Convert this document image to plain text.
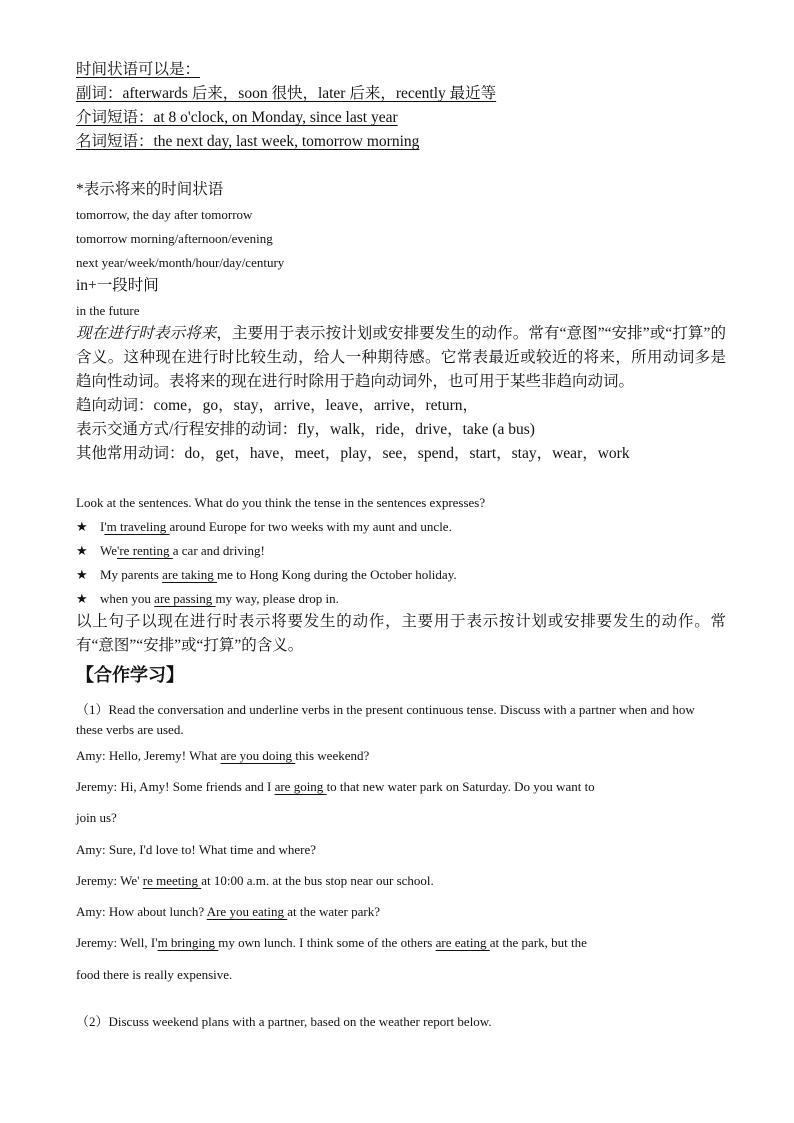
时间状语可以是：
副词：afterwards 后来，soon 很快，later 后来，recently 最近等
介词短语：at 8 o'clock, on Monday, since last year
名词短语：the next day, last week, tomorrow morning
*表示将来的时间状语
tomorrow, the day after tomorrow
tomorrow morning/afternoon/evening
next year/week/month/hour/day/century
in+一段时间
in the future
现在进行时表示将来，主要用于表示按计划或安排要发生的动作。常有“意图”“安排”或“打算”的含义。这种现在进行时比较生动，给人一种期待感。它常表最近或较近的将来，所用动词多是趋向性动词。表将来的现在进行时除用于趋向动词外，也可用于某些非趋向动词。
趋向动词：come，go，stay，arrive，leave，arrive，return，
表示交通方式/行程安排的动词：fly，walk，ride，drive，take (a bus)
其他常用动词：do，get，have，meet，play，see，spend，start，stay，wear，work
Look at the sentences. What do you think the tense in the sentences expresses?
★ I'm traveling around Europe for two weeks with my aunt and uncle.
★ We're renting a car and driving!
★ My parents are taking me to Hong Kong during the October holiday.
★ when you are passing my way, please drop in.
以上句子以现在进行时表示将要发生的动作，主要用于表示按计划或安排要发生的动作。常有“意图”“安排”或“打算”的含义。
【合作学习】
（1）Read the conversation and underline verbs in the present continuous tense. Discuss with a partner when and how these verbs are used.
Amy: Hello, Jeremy! What are you doing this weekend?
Jeremy: Hi, Amy! Some friends and I are going to that new water park on Saturday. Do you want to
join us?
Amy: Sure, I'd love to! What time and where?
Jeremy: We' re meeting at 10:00 a.m. at the bus stop near our school.
Amy: How about lunch? Are you eating at the water park?
Jeremy: Well, I'm bringing my own lunch. I think some of the others are eating at the park, but the
food there is really expensive.
（2）Discuss weekend plans with a partner, based on the weather report below.
